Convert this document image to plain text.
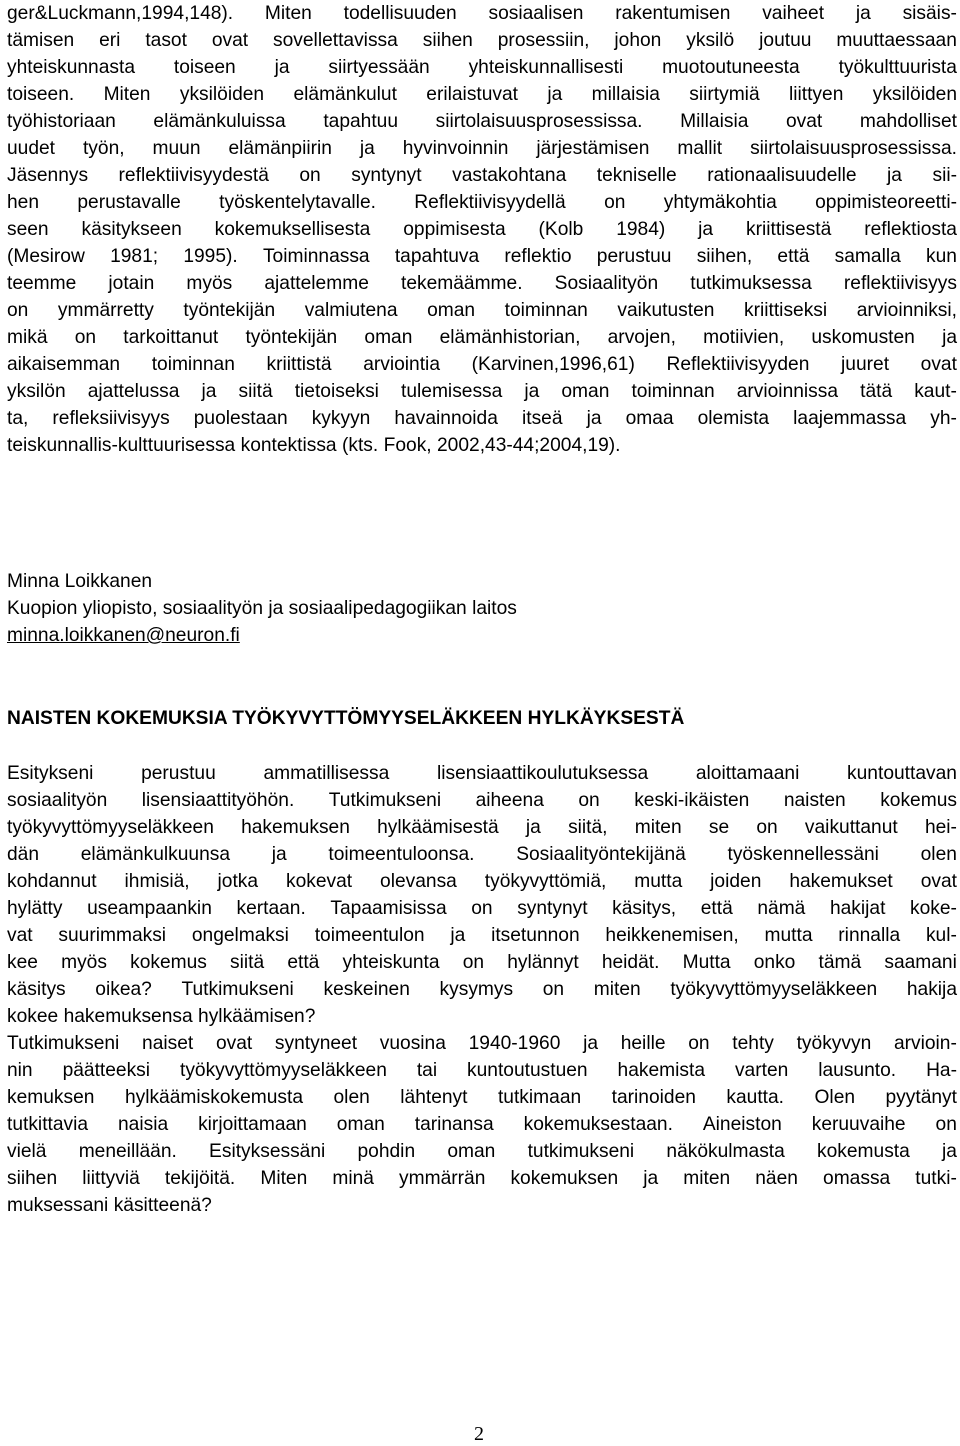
ger&Luckmann,1994,148). Miten todellisuuden sosiaalisen rakentumisen vaiheet ja sisäis-
tämisen eri tasot ovat sovellettavissa siihen prosessiin, johon yksilö joutuu muuttaessaan
yhteiskunnasta toiseen ja siirtyessään yhteiskunnallisesti muotoutuneesta työkulttuurista
toiseen. Miten yksilöiden elämänkulut erilaistuvat ja millaisia siirtymiä liittyen yksilöiden
työhistoriaan elämänkuluissa tapahtuu siirtolaisuusprosessissa. Millaisia ovat mahdolliset
uudet työn, muun elämänpiirin ja hyvinvoinnin järjestämisen mallit siirtolaisuusprosessissa.
Jäsennys reflektiivisyydestä on syntynyt vastakohtana tekniselle rationaalisuudelle ja sii-
hen perustavalle työskentelytavalle. Reflektiivisyydellä on yhtymäkohtia oppimisteoreetti-
seen käsitykseen kokemuksellisesta oppimisesta (Kolb 1984) ja kriittisestä reflektiosta
(Mesirow 1981; 1995). Toiminnassa tapahtuva reflektio perustuu siihen, että samalla kun
teemme jotain myös ajattelemme tekemäämme. Sosiaalityön tutkimuksessa reflektiivisyys
on ymmärretty työntekijän valmiutena oman toiminnan vaikutusten kriittiseksi arvioinniksi,
mikä on tarkoittanut työntekijän oman elämänhistorian, arvojen, motiivien, uskomusten ja
aikaisemman toiminnan kriittistä arviointia (Karvinen,1996,61) Reflektiivisyyden juuret ovat
yksilön ajattelussa ja siitä tietoiseksi tulemisessa ja oman toiminnan arvioinnissa tätä kaut-
ta, refleksiivisyys puolestaan kykyyn havainnoida itseä ja omaa olemista laajemmassa yh-
teiskunnallis-kulttuurisessa kontektissa (kts. Fook, 2002,43-44;2004,19).
Minna Loikkanen
Kuopion yliopisto, sosiaalityön ja sosiaalipedagogiikan laitos
minna.loikkanen@neuron.fi
NAISTEN KOKEMUKSIA TYÖKYVYTTÖMYYSELÄKKEEN HYLKÄYKSESTÄ
Esitykseni perustuu ammatillisessa lisensiaattikoulutuksessa aloittamaani kuntouttavan
sosiaalityön lisensiaattityöhön. Tutkimukseni aiheena on keski-ikäisten naisten kokemus
työkyvyttömyyseläkkeen hakemuksen hylkäämisestä ja siitä, miten se on vaikuttanut hei-
dän elämänkulkuunsa ja toimeentuloonsa. Sosiaalityöntekijänä työskennellessäni olen
kohdannut ihmisiä, jotka kokevat olevansa työkyvyttömiä, mutta joiden hakemukset ovat
hylätty useampaankin kertaan. Tapaamisissa on syntynyt käsitys, että nämä hakijat koke-
vat suurimmaksi ongelmaksi toimeentulon ja itsetunnon heikkenemisen, mutta rinnalla kul-
kee myös kokemus siitä että yhteiskunta on hylännyt heidät. Mutta onko tämä saamani
käsitys oikea? Tutkimukseni keskeinen kysymys on miten työkyvyttömyyseläkkeen hakija
kokee hakemuksensa hylkäämisen?
Tutkimukseni naiset ovat syntyneet vuosina 1940-1960 ja heille on tehty työkyvyn arvioin-
nin päätteeksi työkyvyttömyyseläkkeen tai kuntoutustuen hakemista varten lausunto. Ha-
kemuksen hylkäämiskokemusta olen lähtenyt tutkimaan tarinoiden kautta. Olen pyytänyt
tutkittavia naisia kirjoittamaan oman tarinansa kokemuksestaan. Aineiston keruuvaihe on
vielä meneillään. Esityksessäni pohdin oman tutkimukseni näkökulmasta kokemusta ja
siihen liittyviä tekijöitä. Miten minä ymmärrän kokemuksen ja miten näen omassa tutki-
muksessani käsitteenä?
2
